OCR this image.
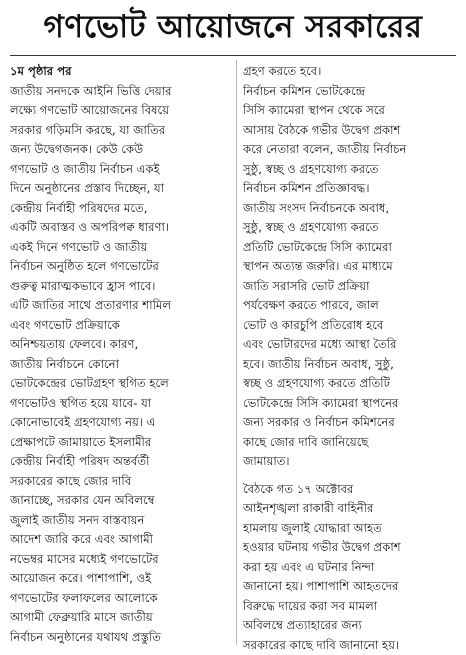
গণভোট আয়োজনে সরকারের
১ম পৃষ্ঠার পর
জাতীয় সনদকে আইনি ভিত্তি দেয়ার
লক্ষ্যে গণভোট আয়োজনের বিষয়ে
সরকার গড়িমসি করছে, যা জাতির
জন্য উদ্বেগজনক। কেউ কেউ
গণভোট ও জাতীয় নির্বাচন একই
দিনে অনুষ্ঠানের প্রস্তাব দিচ্ছেন, যা
কেন্দ্রীয় নির্বাহী পরিষদের মতে,
একটি অবাস্তব ও অপরিপক্ব ধারণা।
একই দিনে গণভোট ও জাতীয়
নির্বাচন অনুষ্ঠিত হলে গণভোটের
গুরুত্ব মারাত্মকভাবে হ্রাস পাবে।
এটি জাতির সাথে প্রতারণার শামিল
এবং গণভোট প্রক্রিয়াকে
অনিশ্চয়তায় ফেলবে। কারণ,
জাতীয় নির্বাচনে কোনো
ভোটকেন্দ্রের ভোটগ্রহণ স্থগিত হলে
গণভোটও স্থগিত হয়ে যাবে- যা
কোনোভাবেই গ্রহণযোগ্য নয়। এ
প্রেক্ষাপটে জামায়াতে ইসলামীর
কেন্দ্রীয় নির্বাহী পরিষদ অন্তর্বর্তী
সরকারের কাছে জোর দাবি
জানাচ্ছে, সরকার যেন অবিলম্বে
জুলাই জাতীয় সনদ বাস্তবায়ন
আদেশ জারি করে এবং আগামী
নভেম্বর মাসের মধ্যেই গণভোটের
আয়োজন করে। পাশাপাশি, ওই
গণভোটের ফলাফলের আলোকে
আগামী ফেব্রুয়ারি মাসে জাতীয়
নির্বাচন অনুষ্ঠানের যথাযথ প্রস্তুতি
গ্রহণ করতে হবে।
নির্বাচন কমিশন ভোটকেন্দ্রে
সিসি ক্যামেরা স্থাপন থেকে সরে
আসায় বৈঠকে গভীর উদ্বেগ প্রকাশ
করে নেতারা বলেন, জাতীয় নির্বাচন
সুষ্ঠু, স্বচ্ছ ও গ্রহণযোগ্য করতে
নির্বাচন কমিশন প্রতিজ্ঞাবদ্ধ।
জাতীয় সংসদ নির্বাচনকে অবাধ,
সুষ্ঠু, স্বচ্ছ ও গ্রহণযোগ্য করতে
প্রতিটি ভোটকেন্দ্রে সিসি ক্যামেরা
স্থাপন অত্যন্ত জরুরি। এর মাধ্যমে
জাতি সরাসরি ভোট প্রক্রিয়া
পর্যবেক্ষণ করতে পারবে, জাল
ভোট ও কারচুপি প্রতিরোধ হবে
এবং ভোটারদের মধ্যে আস্থা তৈরি
হবে। জাতীয় নির্বাচন অবাধ, সুষ্ঠু,
স্বচ্ছ ও গ্রহণযোগ্য করতে প্রতিটি
ভোটকেন্দ্রে সিসি ক্যামেরা স্থাপনের
জন্য সরকার ও নির্বাচন কমিশনের
কাছে জোর দাবি জানিয়েছে
জামায়াত।
বৈঠকে গত ১৭ অক্টোবর
আইনশৃঙ্খলা রাকারী বাহিনীর
হামলায় জুলাই যোদ্ধারা আহত
হওয়ার ঘটনায় গভীর উদ্বেগ প্রকাশ
করা হয় এবং এ ঘটনার নিন্দা
জানানো হয়। পাশাপাশি আহতদের
বিরুদ্ধে দায়ের করা সব মামলা
অবিলম্বে প্রত্যাহারের জন্য
সরকারের কাছে দাবি জানানো হয়।
